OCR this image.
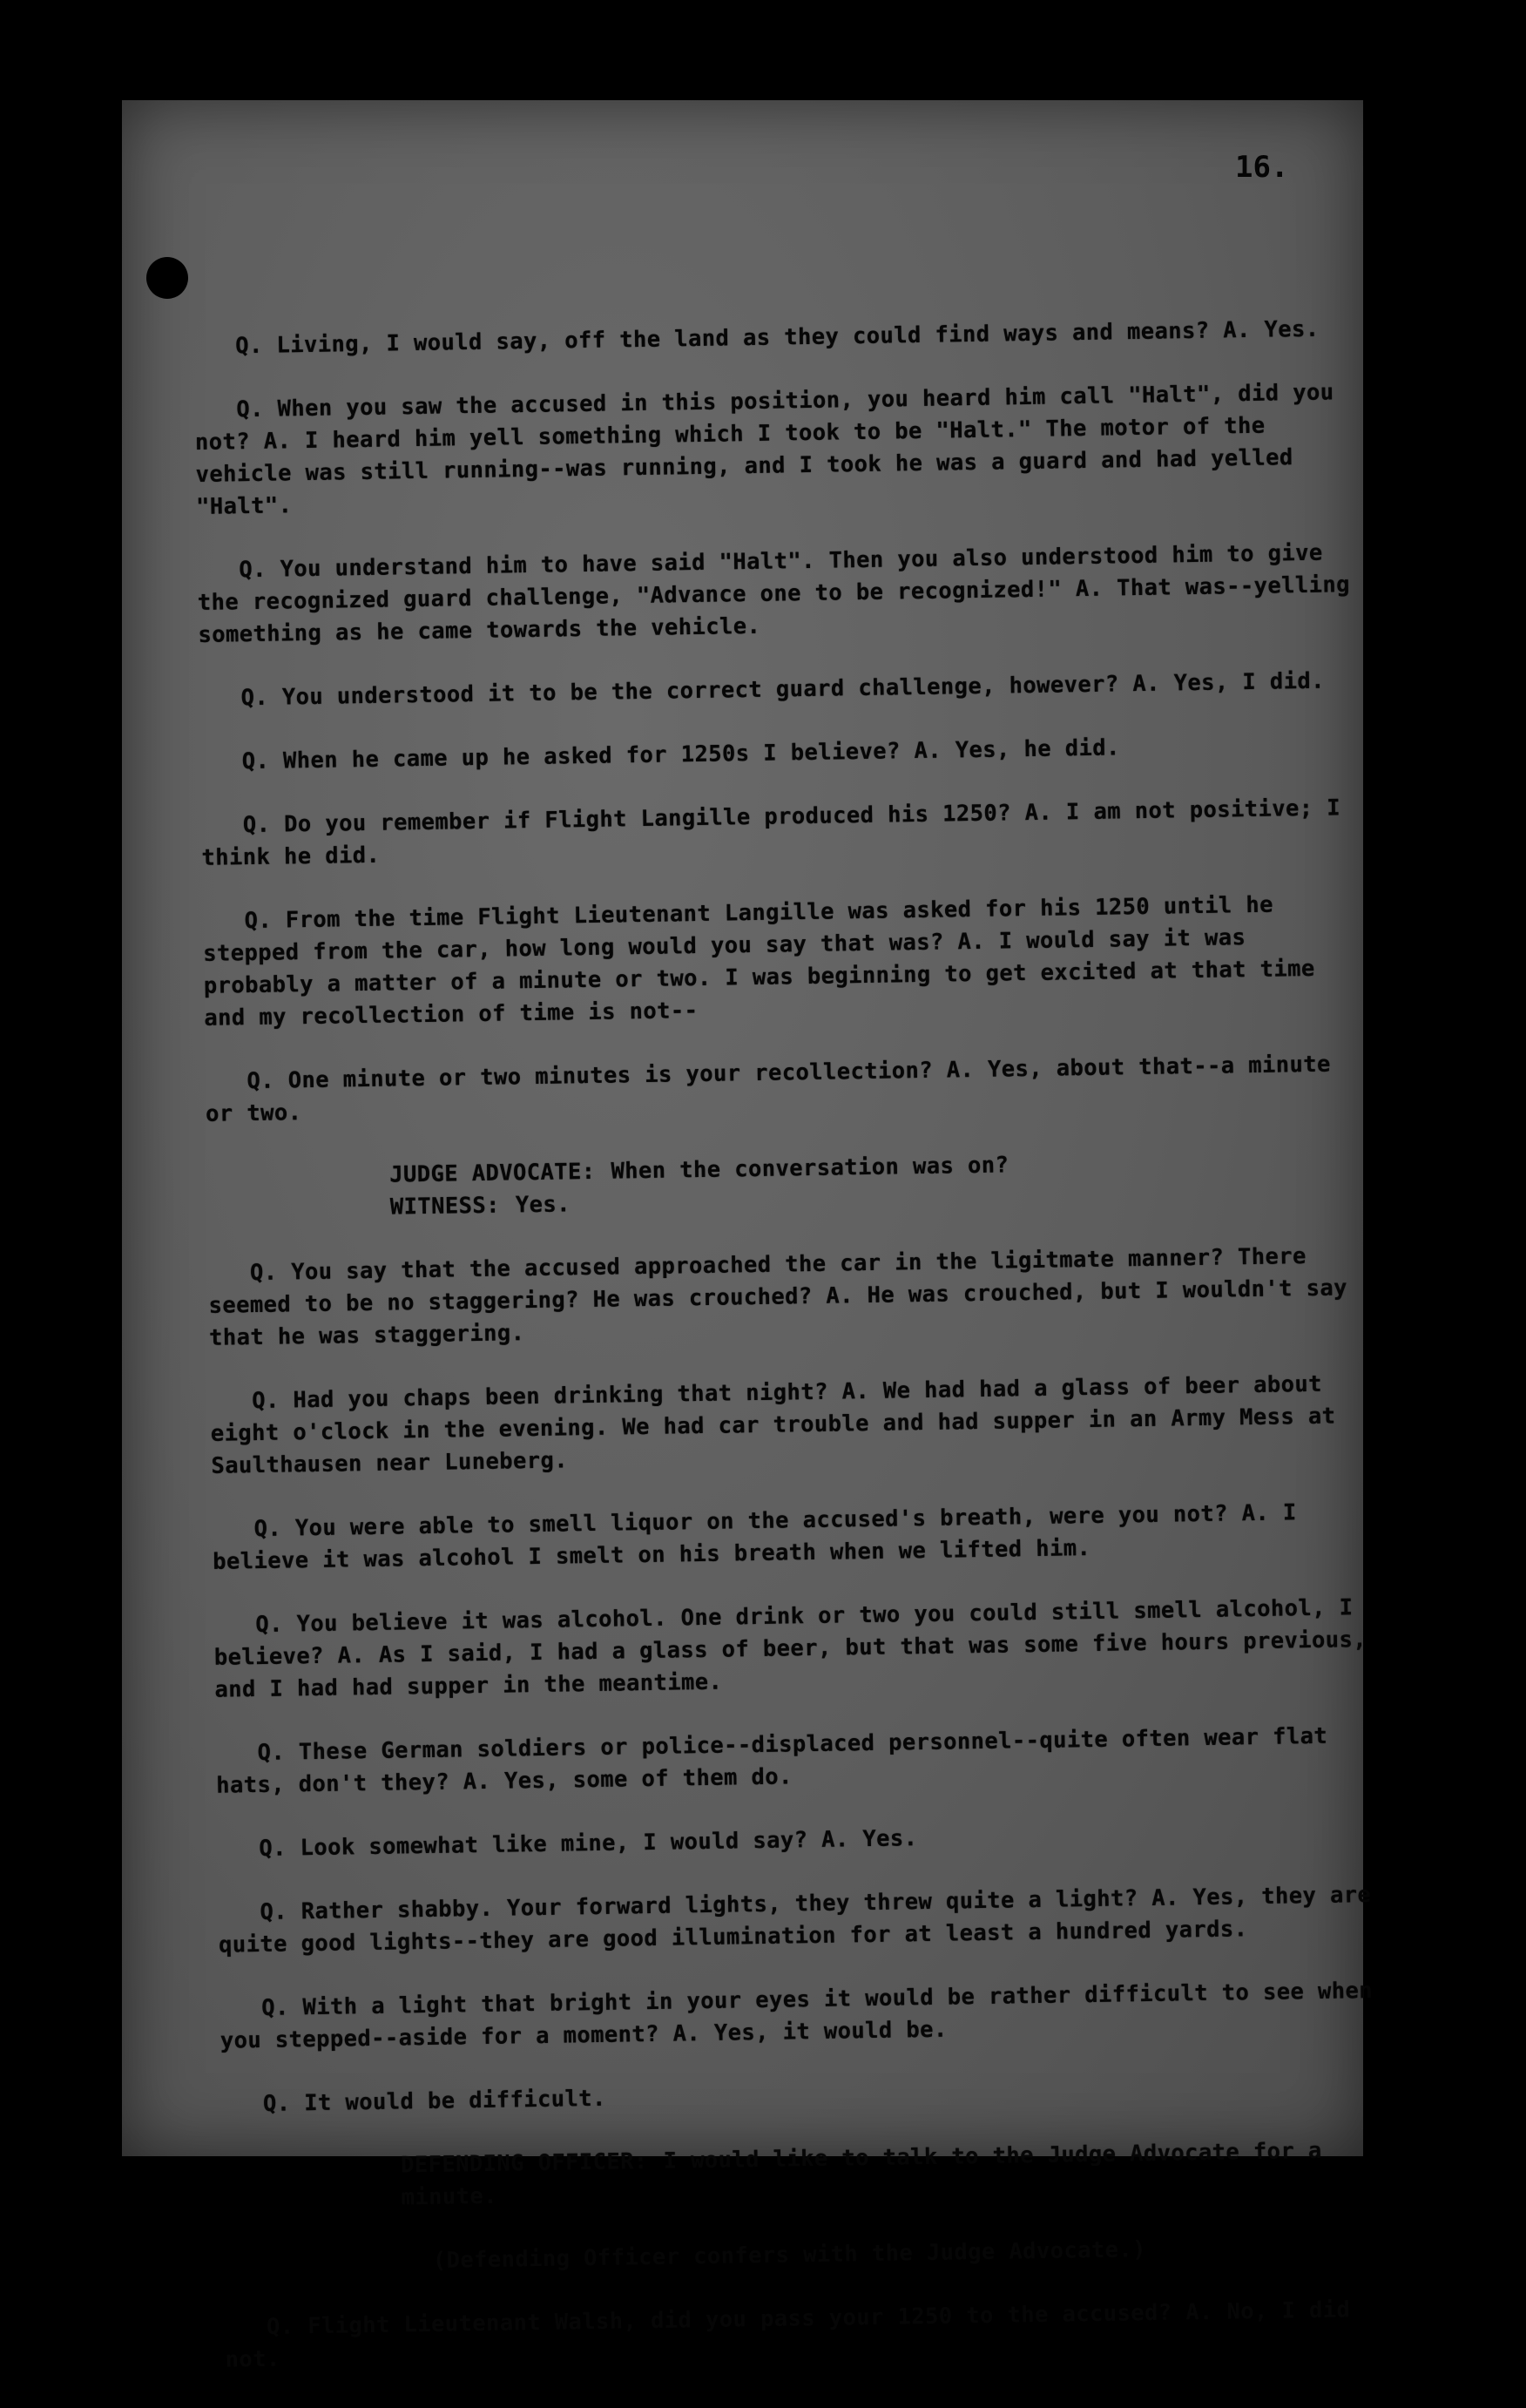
16.

Q. Living, I would say, off the land as they could find ways and means? A. Yes.

Q. When you saw the accused in this position, you heard him call "Halt", did you not? A. I heard him yell something which I took to be "Halt." The motor of the vehicle was still running--was running, and I took he was a guard and had yelled "Halt".

Q. You understand him to have said "Halt". Then you also understood him to give the recognized guard challenge, "Advance one to be recognized!" A. That was--yelling something as he came towards the vehicle.

Q. You understood it to be the correct guard challenge, however? A. Yes, I did.

Q. When he came up he asked for 1250s I believe? A. Yes, he did.

Q. Do you remember if Flight Langille produced his 1250? A. I am not positive; I think he did.

Q. From the time Flight Lieutenant Langille was asked for his 1250 until he stepped from the car, how long would you say that was? A. I would say it was probably a matter of a minute or two. I was beginning to get excited at that time and my recollection of time is not--

Q. One minute or two minutes is your recollection? A. Yes, about that--a minute or two.

JUDGE ADVOCATE: When the conversation was on?

WITNESS: Yes.

Q. You say that the accused approached the car in the ligitmate manner? There seemed to be no staggering? He was crouched? A. He was crouched, but I wouldn't say that he was staggering.

Q. Had you chaps been drinking that night? A. We had had a glass of beer about eight o'clock in the evening. We had car trouble and had supper in an Army Mess at Saulthausen near Luneberg.

Q. You were able to smell liquor on the accused's breath, were you not? A. I believe it was alcohol I smelt on his breath when we lifted him.

Q. You believe it was alcohol. One drink or two you could still smell alcohol, I believe? A. As I said, I had a glass of beer, but that was some five hours previous, and I had had supper in the meantime.

Q. These German soldiers or police--displaced personnel--quite often wear flat hats, don't they? A. Yes, some of them do.

Q. Look somewhat like mine, I would say? A. Yes.

Q. Rather shabby. Your forward lights, they threw quite a light? A. Yes, they are quite good lights--they are good illumination for at least a hundred yards.

Q. With a light that bright in your eyes it would be rather difficult to see when you stepped--aside for a moment? A. Yes, it would be.

Q. It would be difficult.

DEFENDING OFFICER: I would like to talk to the Judge Advocate for a minute.

(Defending Officer confers with the Judge Advocate.)

Q. Flight Lieutenant Walsh, did you pass your 1250 to the accused? A. No, I did not.
